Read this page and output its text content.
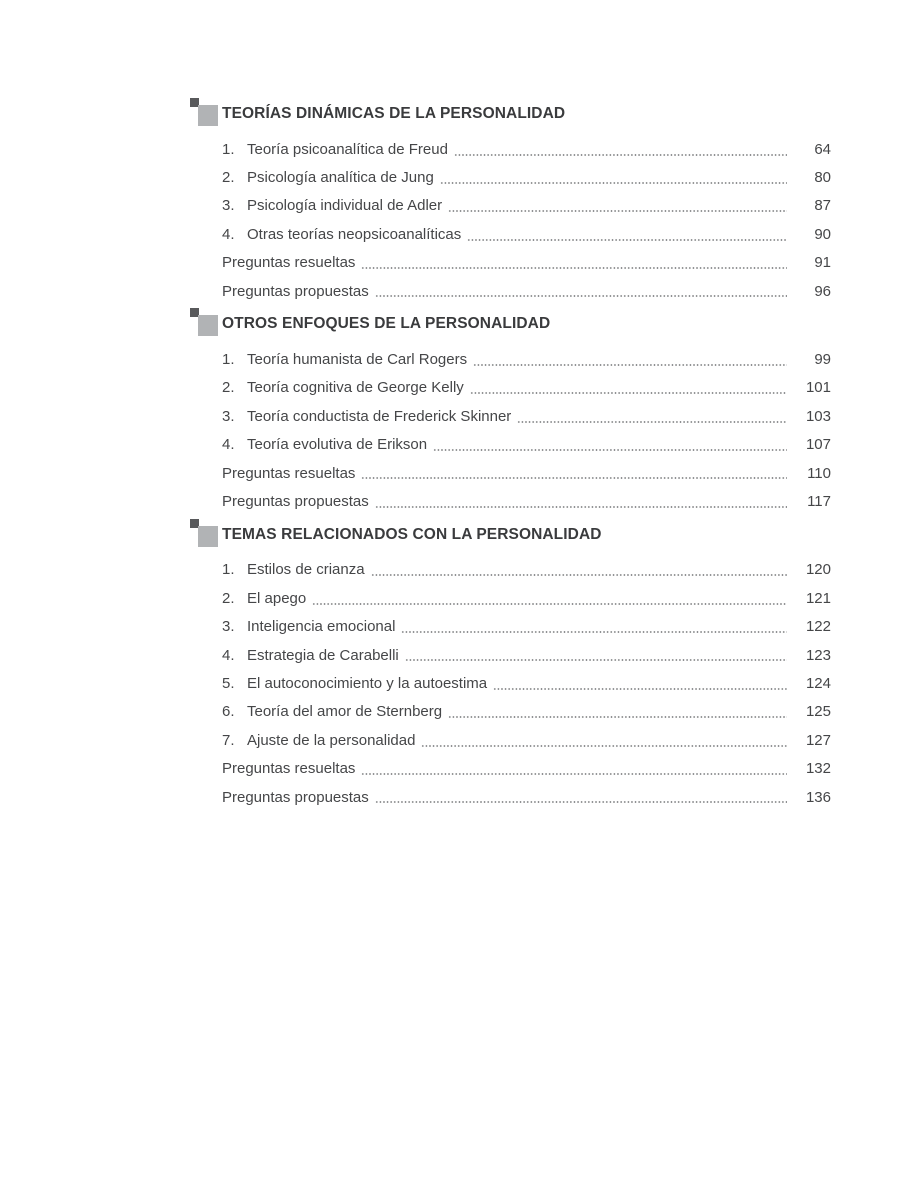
TEORÍAS DINÁMICAS DE LA PERSONALIDAD
1. Teoría psicoanalítica de Freud	64
2. Psicología analítica de Jung	80
3. Psicología individual de Adler	87
4. Otras teorías neopsicoanalíticas	90
Preguntas resueltas	91
Preguntas propuestas	96
OTROS ENFOQUES DE LA PERSONALIDAD
1. Teoría humanista de Carl Rogers	99
2. Teoría cognitiva de George Kelly	101
3. Teoría conductista de Frederick Skinner	103
4. Teoría evolutiva de Erikson	107
Preguntas resueltas	110
Preguntas propuestas	117
TEMAS RELACIONADOS CON LA PERSONALIDAD
1. Estilos de crianza	120
2. El apego	121
3. Inteligencia emocional	122
4. Estrategia de Carabelli	123
5. El autoconocimiento y la autoestima	124
6. Teoría del amor de Sternberg	125
7. Ajuste de la personalidad	127
Preguntas resueltas	132
Preguntas propuestas	136
